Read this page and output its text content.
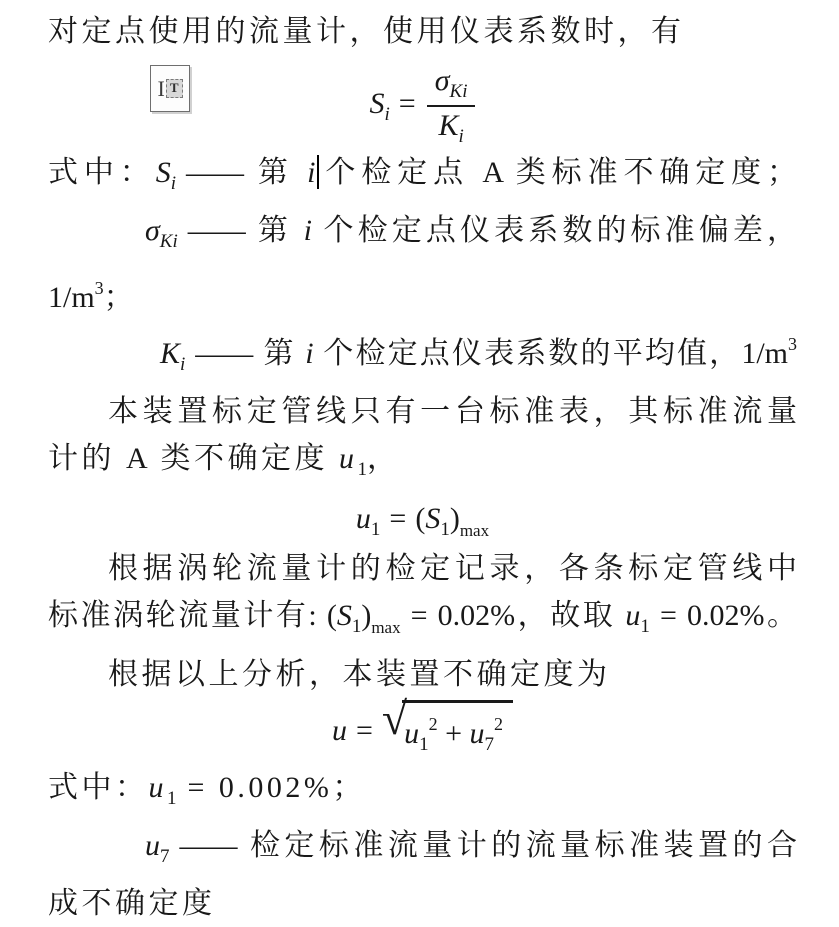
对定点使用的流量计，使用仪表系数时，有
I T	$S_i = \frac{\sigma_{Ki}}{K_i}$
式中：$S_i$ —— 第 i 个检定点 A 类标准不确定度；
$\sigma_{Ki}$ —— 第 i 个检定点仪表系数的标准偏差，
$1/m^3$；
$K_i$ —— 第 i 个检定点仪表系数的平均值，$1/m^3$
本装置标定管线只有一台标准表，其标准流量
计的 A 类不确定度 $u_1$，
$u_1 = (S_1)_{max}$
根据涡轮流量计的检定记录，各条标定管线中
标准涡轮流量计有: $(S_1)_{max} = 0.02\%$，故取 $u_1 = 0.02\%$。
根据以上分析，本装置不确定度为
u = √
$u_1^2 + u_7^2$
式中：$u_1 = 0.002\%$；
$u_7$ —— 检定标准流量计的流量标准装置的合
成不确定度
